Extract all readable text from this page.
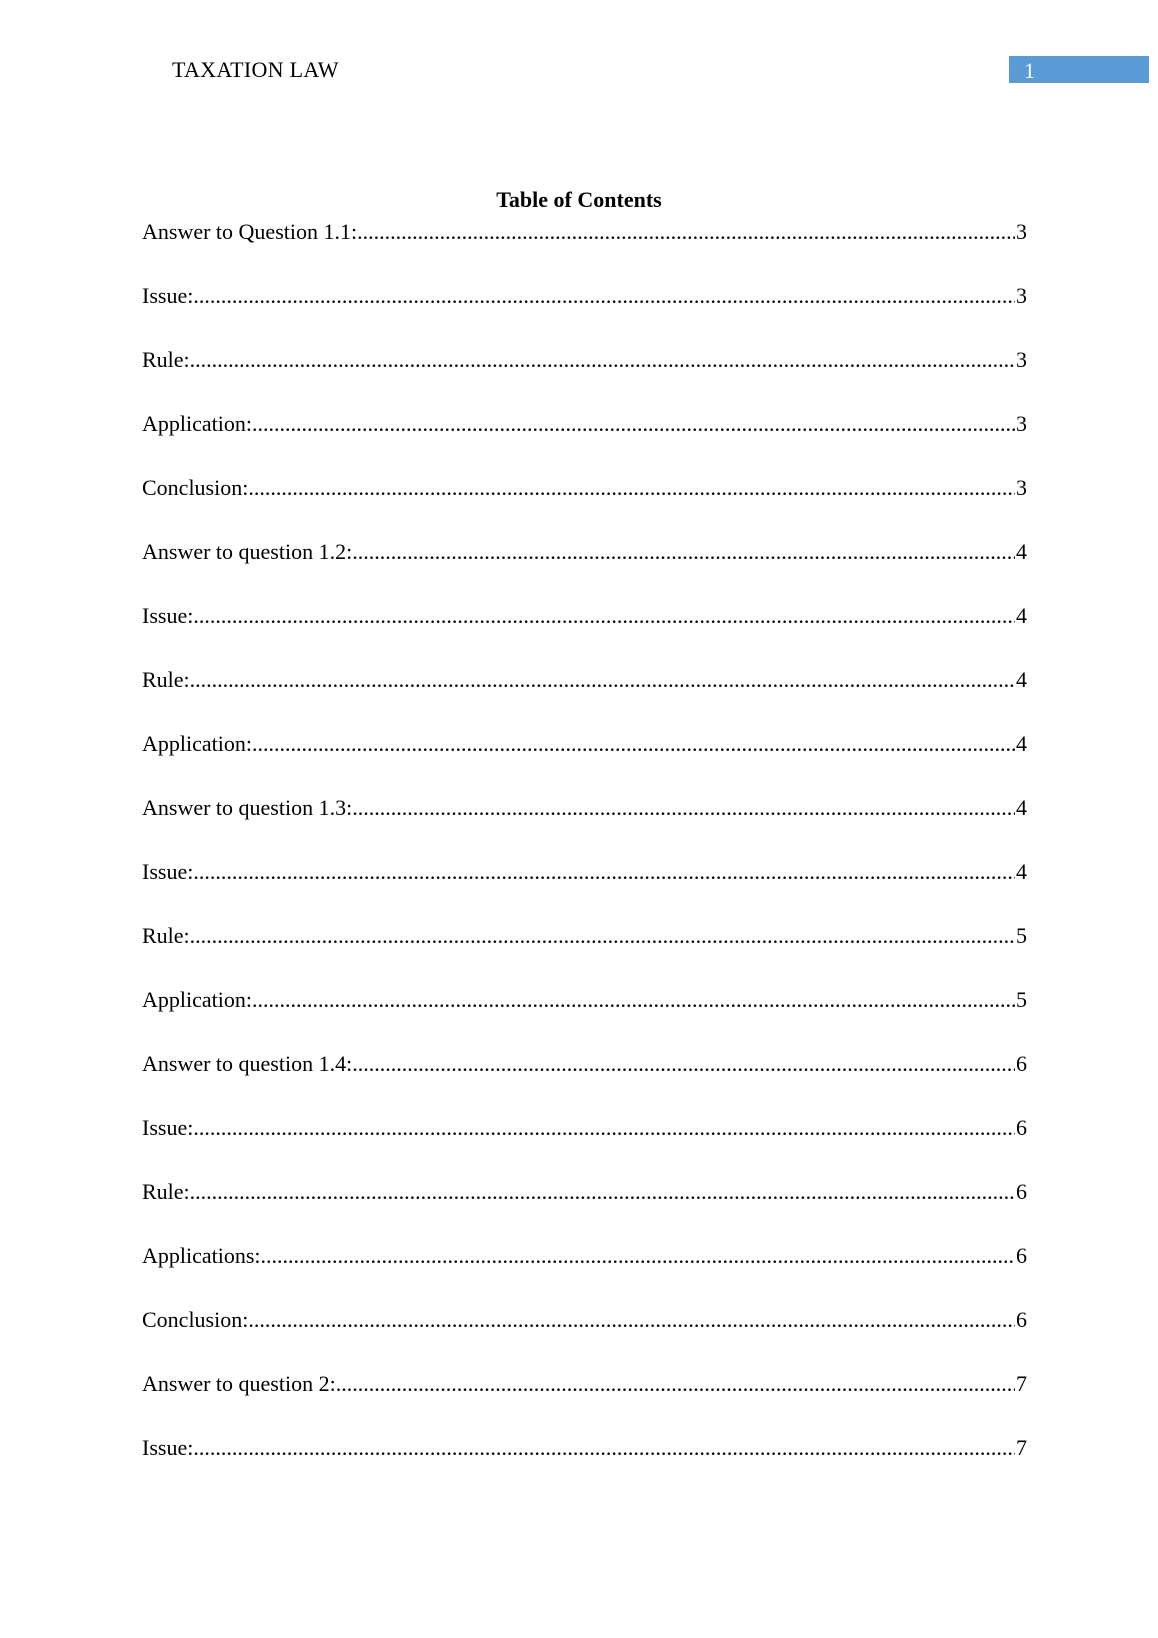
TAXATION LAW	1
Table of Contents
Answer to Question 1.1: .....	3
Issue: .....	3
Rule: .....	3
Application: .....	3
Conclusion: .....	3
Answer to question 1.2: .....	4
Issue: .....	4
Rule: .....	4
Application: .....	4
Answer to question 1.3: .....	4
Issue: .....	4
Rule: .....	5
Application: .....	5
Answer to question 1.4: .....	6
Issue: .....	6
Rule: .....	6
Applications: .....	6
Conclusion: .....	6
Answer to question 2: .....	7
Issue: .....	7
